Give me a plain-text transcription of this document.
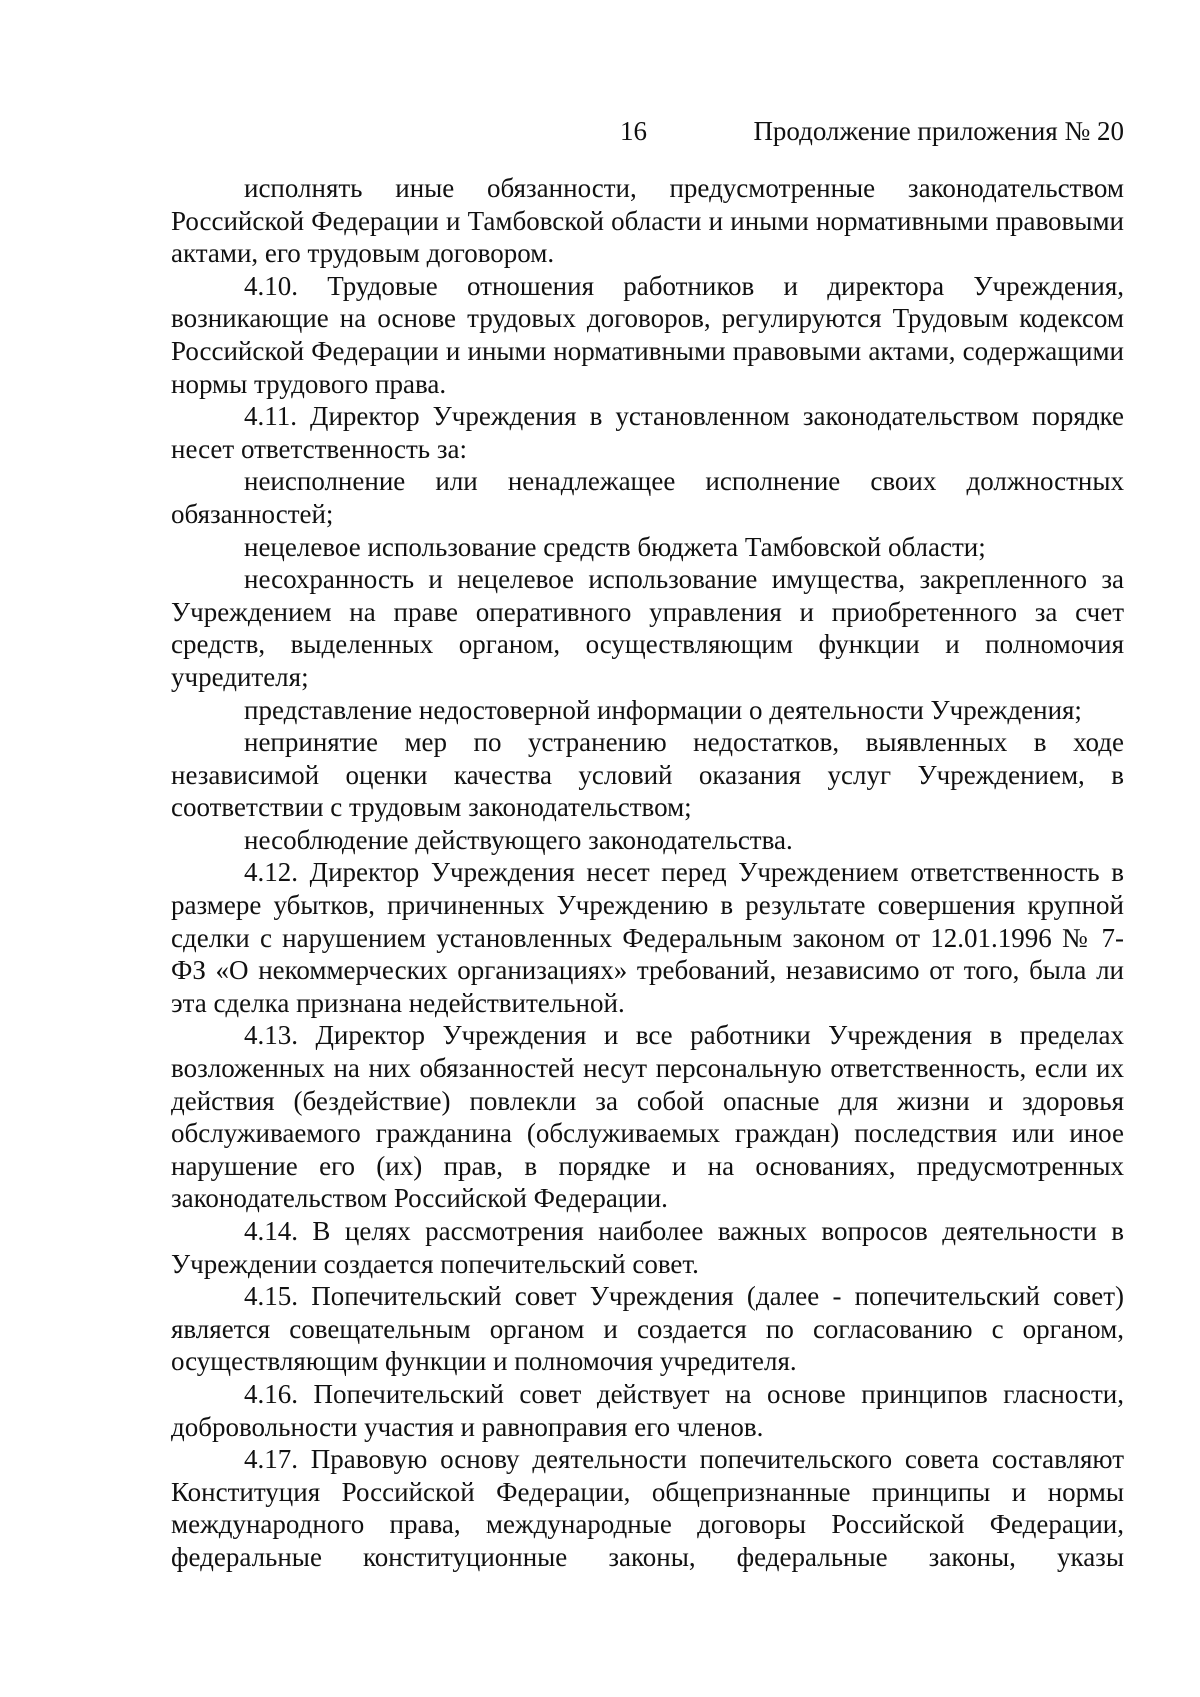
16	Продолжение приложения № 20

исполнять иные обязанности, предусмотренные законодательством Российской Федерации и Тамбовской области и иными нормативными правовыми актами, его трудовым договором.

4.10. Трудовые отношения работников и директора Учреждения, возникающие на основе трудовых договоров, регулируются Трудовым кодексом Российской Федерации и иными нормативными правовыми актами, содержащими нормы трудового права.

4.11. Директор Учреждения в установленном законодательством порядке несет ответственность за:

неисполнение или ненадлежащее исполнение своих должностных обязанностей;

нецелевое использование средств бюджета Тамбовской области;

несохранность и нецелевое использование имущества, закрепленного за Учреждением на праве оперативного управления и приобретенного за счет средств, выделенных органом, осуществляющим функции и полномочия учредителя;

представление недостоверной информации о деятельности Учреждения;

непринятие мер по устранению недостатков, выявленных в ходе независимой оценки качества условий оказания услуг Учреждением, в соответствии с трудовым законодательством;

несоблюдение действующего законодательства.

4.12. Директор Учреждения несет перед Учреждением ответственность в размере убытков, причиненных Учреждению в результате совершения крупной сделки с нарушением установленных Федеральным законом от 12.01.1996 № 7-ФЗ «О некоммерческих организациях» требований, независимо от того, была ли эта сделка признана недействительной.

4.13. Директор Учреждения и все работники Учреждения в пределах возложенных на них обязанностей несут персональную ответственность, если их действия (бездействие) повлекли за собой опасные для жизни и здоровья обслуживаемого гражданина (обслуживаемых граждан) последствия или иное нарушение его (их) прав, в порядке и на основаниях, предусмотренных законодательством Российской Федерации.

4.14. В целях рассмотрения наиболее важных вопросов деятельности в Учреждении создается попечительский совет.

4.15. Попечительский совет Учреждения (далее - попечительский совет) является совещательным органом и создается по согласованию с органом, осуществляющим функции и полномочия учредителя.

4.16. Попечительский совет действует на основе принципов гласности, добровольности участия и равноправия его членов.

4.17. Правовую основу деятельности попечительского совета составляют Конституция Российской Федерации, общепризнанные принципы и нормы международного права, международные договоры Российской Федерации, федеральные конституционные законы, федеральные законы, указы
